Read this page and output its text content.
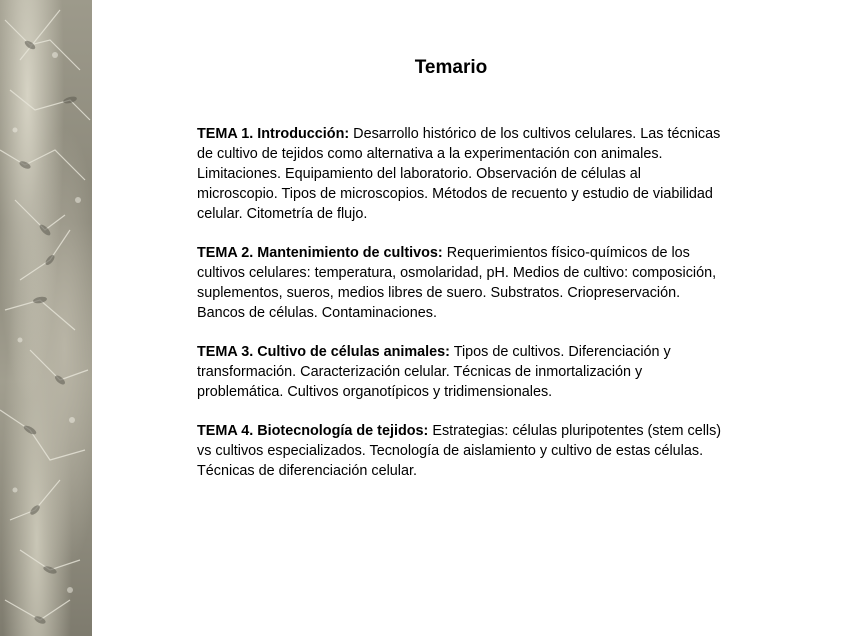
Temario

TEMA 1. Introducción: Desarrollo histórico de los cultivos celulares. Las técnicas de cultivo de tejidos como alternativa a la experimentación con animales. Limitaciones. Equipamiento del laboratorio. Observación de células al microscopio. Tipos de microscopios. Métodos de recuento y estudio de viabilidad celular. Citometría de flujo.

TEMA 2. Mantenimiento de cultivos: Requerimientos físico-químicos de los cultivos celulares: temperatura, osmolaridad, pH. Medios de cultivo: composición, suplementos, sueros, medios libres de suero. Substratos. Criopreservación. Bancos de células. Contaminaciones.

TEMA 3. Cultivo de células animales: Tipos de cultivos. Diferenciación y transformación. Caracterización celular. Técnicas de inmortalización y problemática. Cultivos organotípicos y tridimensionales.

TEMA 4. Biotecnología de tejidos: Estrategias: células pluripotentes (stem cells) vs cultivos especializados. Tecnología de aislamiento y cultivo de estas células. Técnicas de diferenciación celular.
